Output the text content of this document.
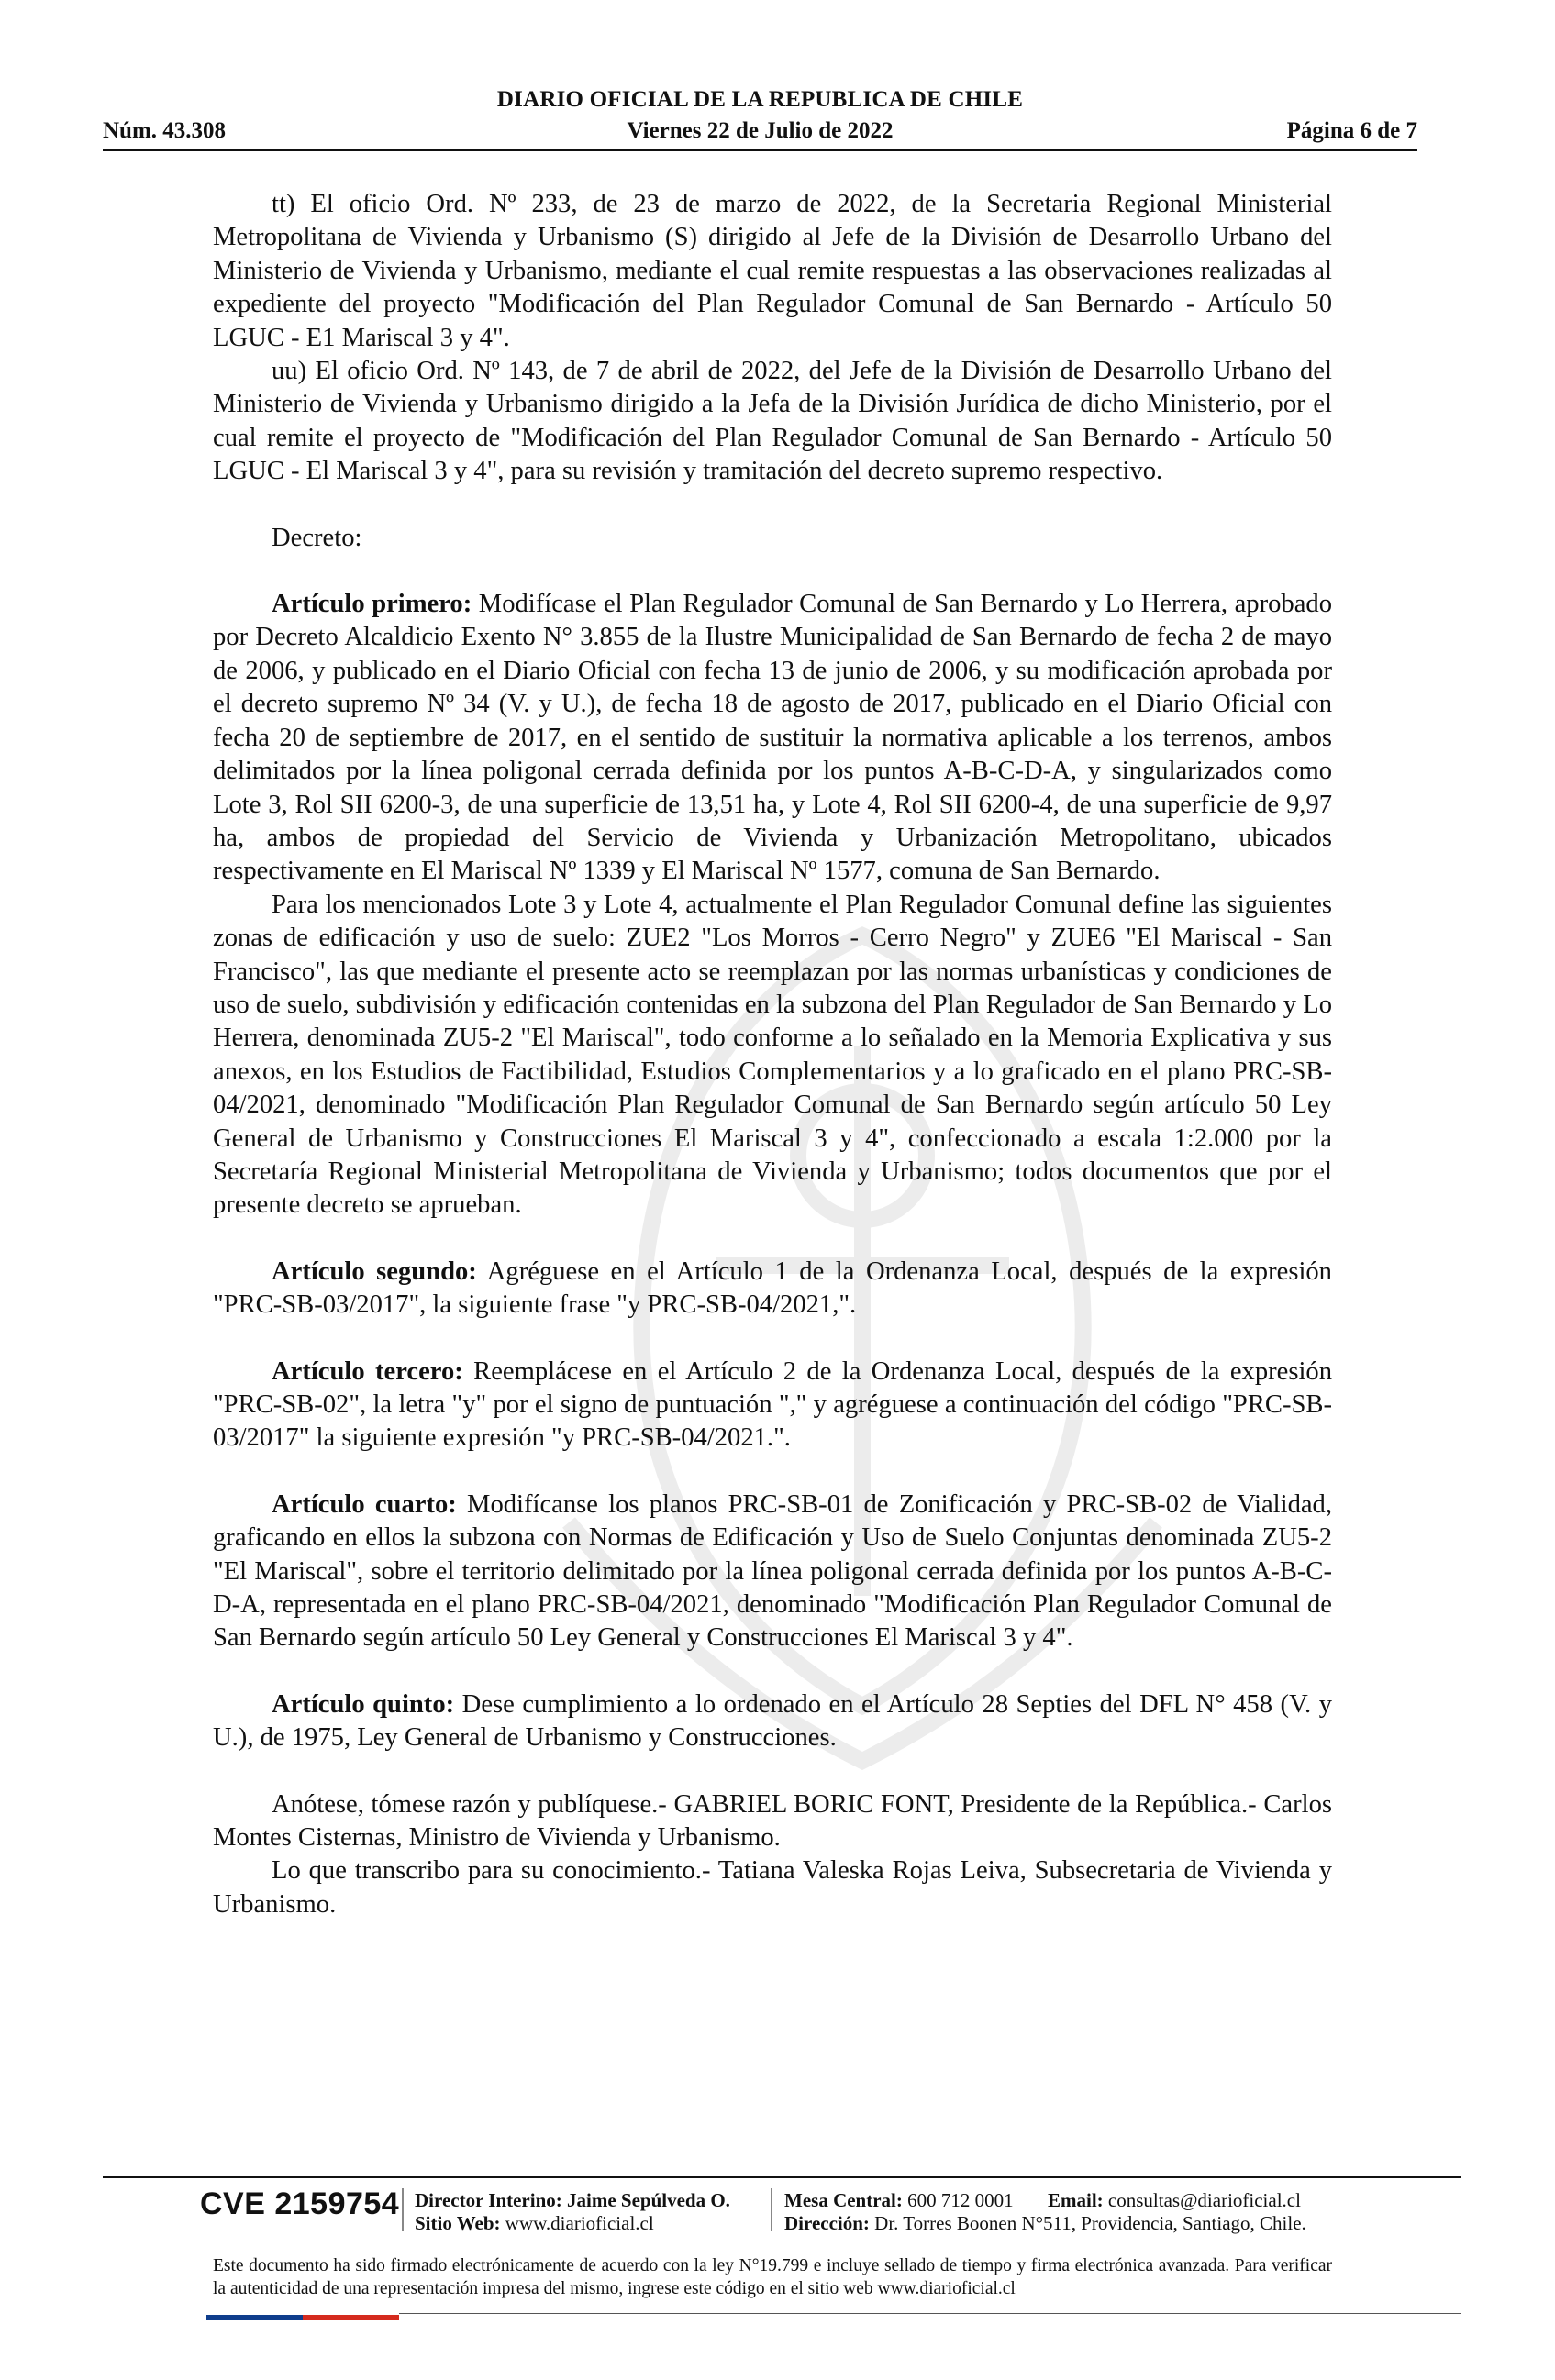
DIARIO OFICIAL DE LA REPUBLICA DE CHILE
Núm. 43.308	Viernes 22 de Julio de 2022	Página 6 de 7

tt) El oficio Ord. Nº 233, de 23 de marzo de 2022, de la Secretaria Regional Ministerial Metropolitana de Vivienda y Urbanismo (S) dirigido al Jefe de la División de Desarrollo Urbano del Ministerio de Vivienda y Urbanismo, mediante el cual remite respuestas a las observaciones realizadas al expediente del proyecto "Modificación del Plan Regulador Comunal de San Bernardo - Artículo 50 LGUC - E1 Mariscal 3 y 4".

uu) El oficio Ord. Nº 143, de 7 de abril de 2022, del Jefe de la División de Desarrollo Urbano del Ministerio de Vivienda y Urbanismo dirigido a la Jefa de la División Jurídica de dicho Ministerio, por el cual remite el proyecto de "Modificación del Plan Regulador Comunal de San Bernardo - Artículo 50 LGUC - El Mariscal 3 y 4", para su revisión y tramitación del decreto supremo respectivo.

Decreto:

Artículo primero: Modifícase el Plan Regulador Comunal de San Bernardo y Lo Herrera, aprobado por Decreto Alcaldicio Exento N° 3.855 de la Ilustre Municipalidad de San Bernardo de fecha 2 de mayo de 2006, y publicado en el Diario Oficial con fecha 13 de junio de 2006, y su modificación aprobada por el decreto supremo Nº 34 (V. y U.), de fecha 18 de agosto de 2017, publicado en el Diario Oficial con fecha 20 de septiembre de 2017, en el sentido de sustituir la normativa aplicable a los terrenos, ambos delimitados por la línea poligonal cerrada definida por los puntos A-B-C-D-A, y singularizados como Lote 3, Rol SII 6200-3, de una superficie de 13,51 ha, y Lote 4, Rol SII 6200-4, de una superficie de 9,97 ha, ambos de propiedad del Servicio de Vivienda y Urbanización Metropolitano, ubicados respectivamente en El Mariscal Nº 1339 y El Mariscal Nº 1577, comuna de San Bernardo.

Para los mencionados Lote 3 y Lote 4, actualmente el Plan Regulador Comunal define las siguientes zonas de edificación y uso de suelo: ZUE2 "Los Morros - Cerro Negro" y ZUE6 "El Mariscal - San Francisco", las que mediante el presente acto se reemplazan por las normas urbanísticas y condiciones de uso de suelo, subdivisión y edificación contenidas en la subzona del Plan Regulador de San Bernardo y Lo Herrera, denominada ZU5-2 "El Mariscal", todo conforme a lo señalado en la Memoria Explicativa y sus anexos, en los Estudios de Factibilidad, Estudios Complementarios y a lo graficado en el plano PRC-SB-04/2021, denominado "Modificación Plan Regulador Comunal de San Bernardo según artículo 50 Ley General de Urbanismo y Construcciones El Mariscal 3 y 4", confeccionado a escala 1:2.000 por la Secretaría Regional Ministerial Metropolitana de Vivienda y Urbanismo; todos documentos que por el presente decreto se aprueban.

Artículo segundo: Agréguese en el Artículo 1 de la Ordenanza Local, después de la expresión "PRC-SB-03/2017", la siguiente frase "y PRC-SB-04/2021,".

Artículo tercero: Reemplácese en el Artículo 2 de la Ordenanza Local, después de la expresión "PRC-SB-02", la letra "y" por el signo de puntuación "," y agréguese a continuación del código "PRC-SB-03/2017" la siguiente expresión "y PRC-SB-04/2021.".

Artículo cuarto: Modifícanse los planos PRC-SB-01 de Zonificación y PRC-SB-02 de Vialidad, graficando en ellos la subzona con Normas de Edificación y Uso de Suelo Conjuntas denominada ZU5-2 "El Mariscal", sobre el territorio delimitado por la línea poligonal cerrada definida por los puntos A-B-C-D-A, representada en el plano PRC-SB-04/2021, denominado "Modificación Plan Regulador Comunal de San Bernardo según artículo 50 Ley General y Construcciones El Mariscal 3 y 4".

Artículo quinto: Dese cumplimiento a lo ordenado en el Artículo 28 Septies del DFL N° 458 (V. y U.), de 1975, Ley General de Urbanismo y Construcciones.

Anótese, tómese razón y publíquese.- GABRIEL BORIC FONT, Presidente de la República.- Carlos Montes Cisternas, Ministro de Vivienda y Urbanismo.

Lo que transcribo para su conocimiento.- Tatiana Valeska Rojas Leiva, Subsecretaria de Vivienda y Urbanismo.

CVE 2159754 Director Interino: Jaime Sepúlveda O.
Sitio Web: www.diarioficial.cl
Mesa Central: 600 712 0001 Email: consultas@diarioficial.cl
Dirección: Dr. Torres Boonen N°511, Providencia, Santiago, Chile.
Este documento ha sido firmado electrónicamente de acuerdo con la ley N°19.799 e incluye sellado de tiempo y firma electrónica avanzada. Para verificar la autenticidad de una representación impresa del mismo, ingrese este código en el sitio web www.diarioficial.cl
